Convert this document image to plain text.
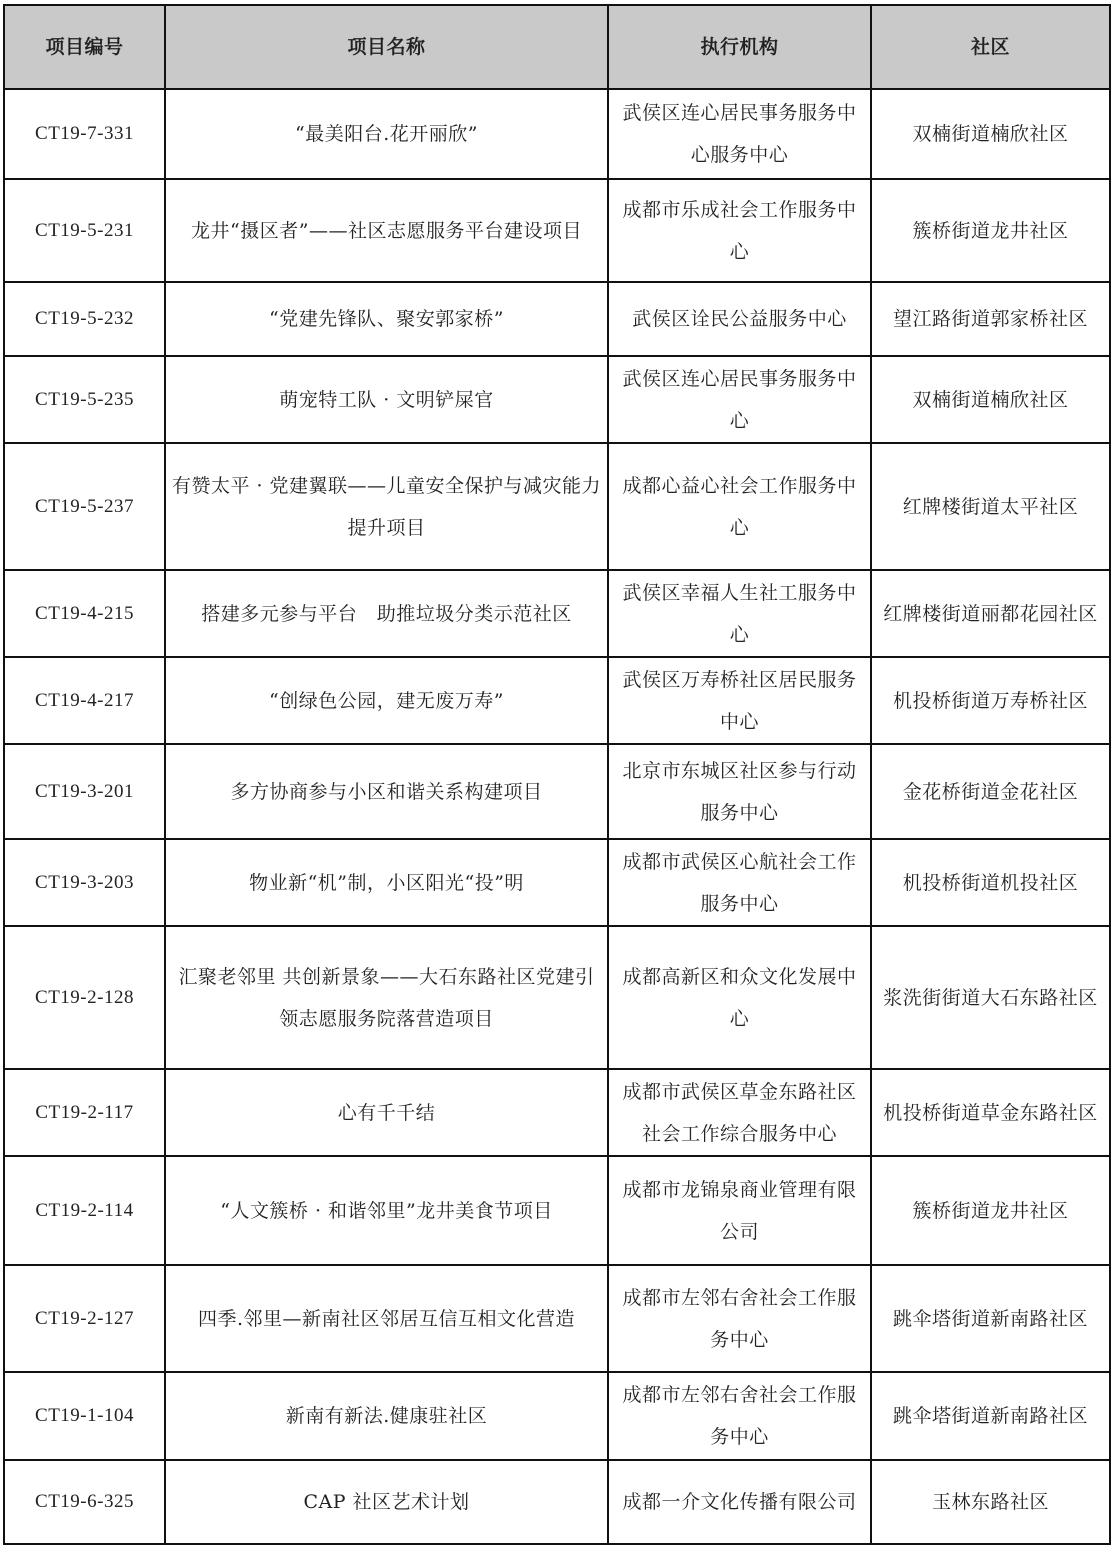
项目编号	项目名称	执行机构	社区
CT19-7-331	“最美阳台.花开丽欣”	武侯区连心居民事务服务中心服务中心	双楠街道楠欣社区
CT19-5-231	龙井“摄区者”——社区志愿服务平台建设项目	成都市乐成社会工作服务中心	簇桥街道龙井社区
CT19-5-232	“党建先锋队、聚安郭家桥”	武侯区诠民公益服务中心	望江路街道郭家桥社区
CT19-5-235	萌宠特工队 · 文明铲屎官	武侯区连心居民事务服务中心	双楠街道楠欣社区
CT19-5-237	有赞太平 · 党建翼联——儿童安全保护与减灾能力提升项目	成都心益心社会工作服务中心	红牌楼街道太平社区
CT19-4-215	搭建多元参与平台　助推垃圾分类示范社区	武侯区幸福人生社工服务中心	红牌楼街道丽都花园社区
CT19-4-217	“创绿色公园，建无废万寿”	武侯区万寿桥社区居民服务中心	机投桥街道万寿桥社区
CT19-3-201	多方协商参与小区和谐关系构建项目	北京市东城区社区参与行动服务中心	金花桥街道金花社区
CT19-3-203	物业新“机”制，小区阳光“投”明	成都市武侯区心航社会工作服务中心	机投桥街道机投社区
CT19-2-128	汇聚老邻里 共创新景象——大石东路社区党建引领志愿服务院落营造项目	成都高新区和众文化发展中心	浆洗街街道大石东路社区
CT19-2-117	心有千千结	成都市武侯区草金东路社区社会工作综合服务中心	机投桥街道草金东路社区
CT19-2-114	“人文簇桥 · 和谐邻里”龙井美食节项目	成都市龙锦泉商业管理有限公司	簇桥街道龙井社区
CT19-2-127	四季.邻里—新南社区邻居互信互相文化营造	成都市左邻右舍社会工作服务中心	跳伞塔街道新南路社区
CT19-1-104	新南有新法.健康驻社区	成都市左邻右舍社会工作服务中心	跳伞塔街道新南路社区
CT19-6-325	CAP 社区艺术计划	成都一介文化传播有限公司	玉林东路社区
